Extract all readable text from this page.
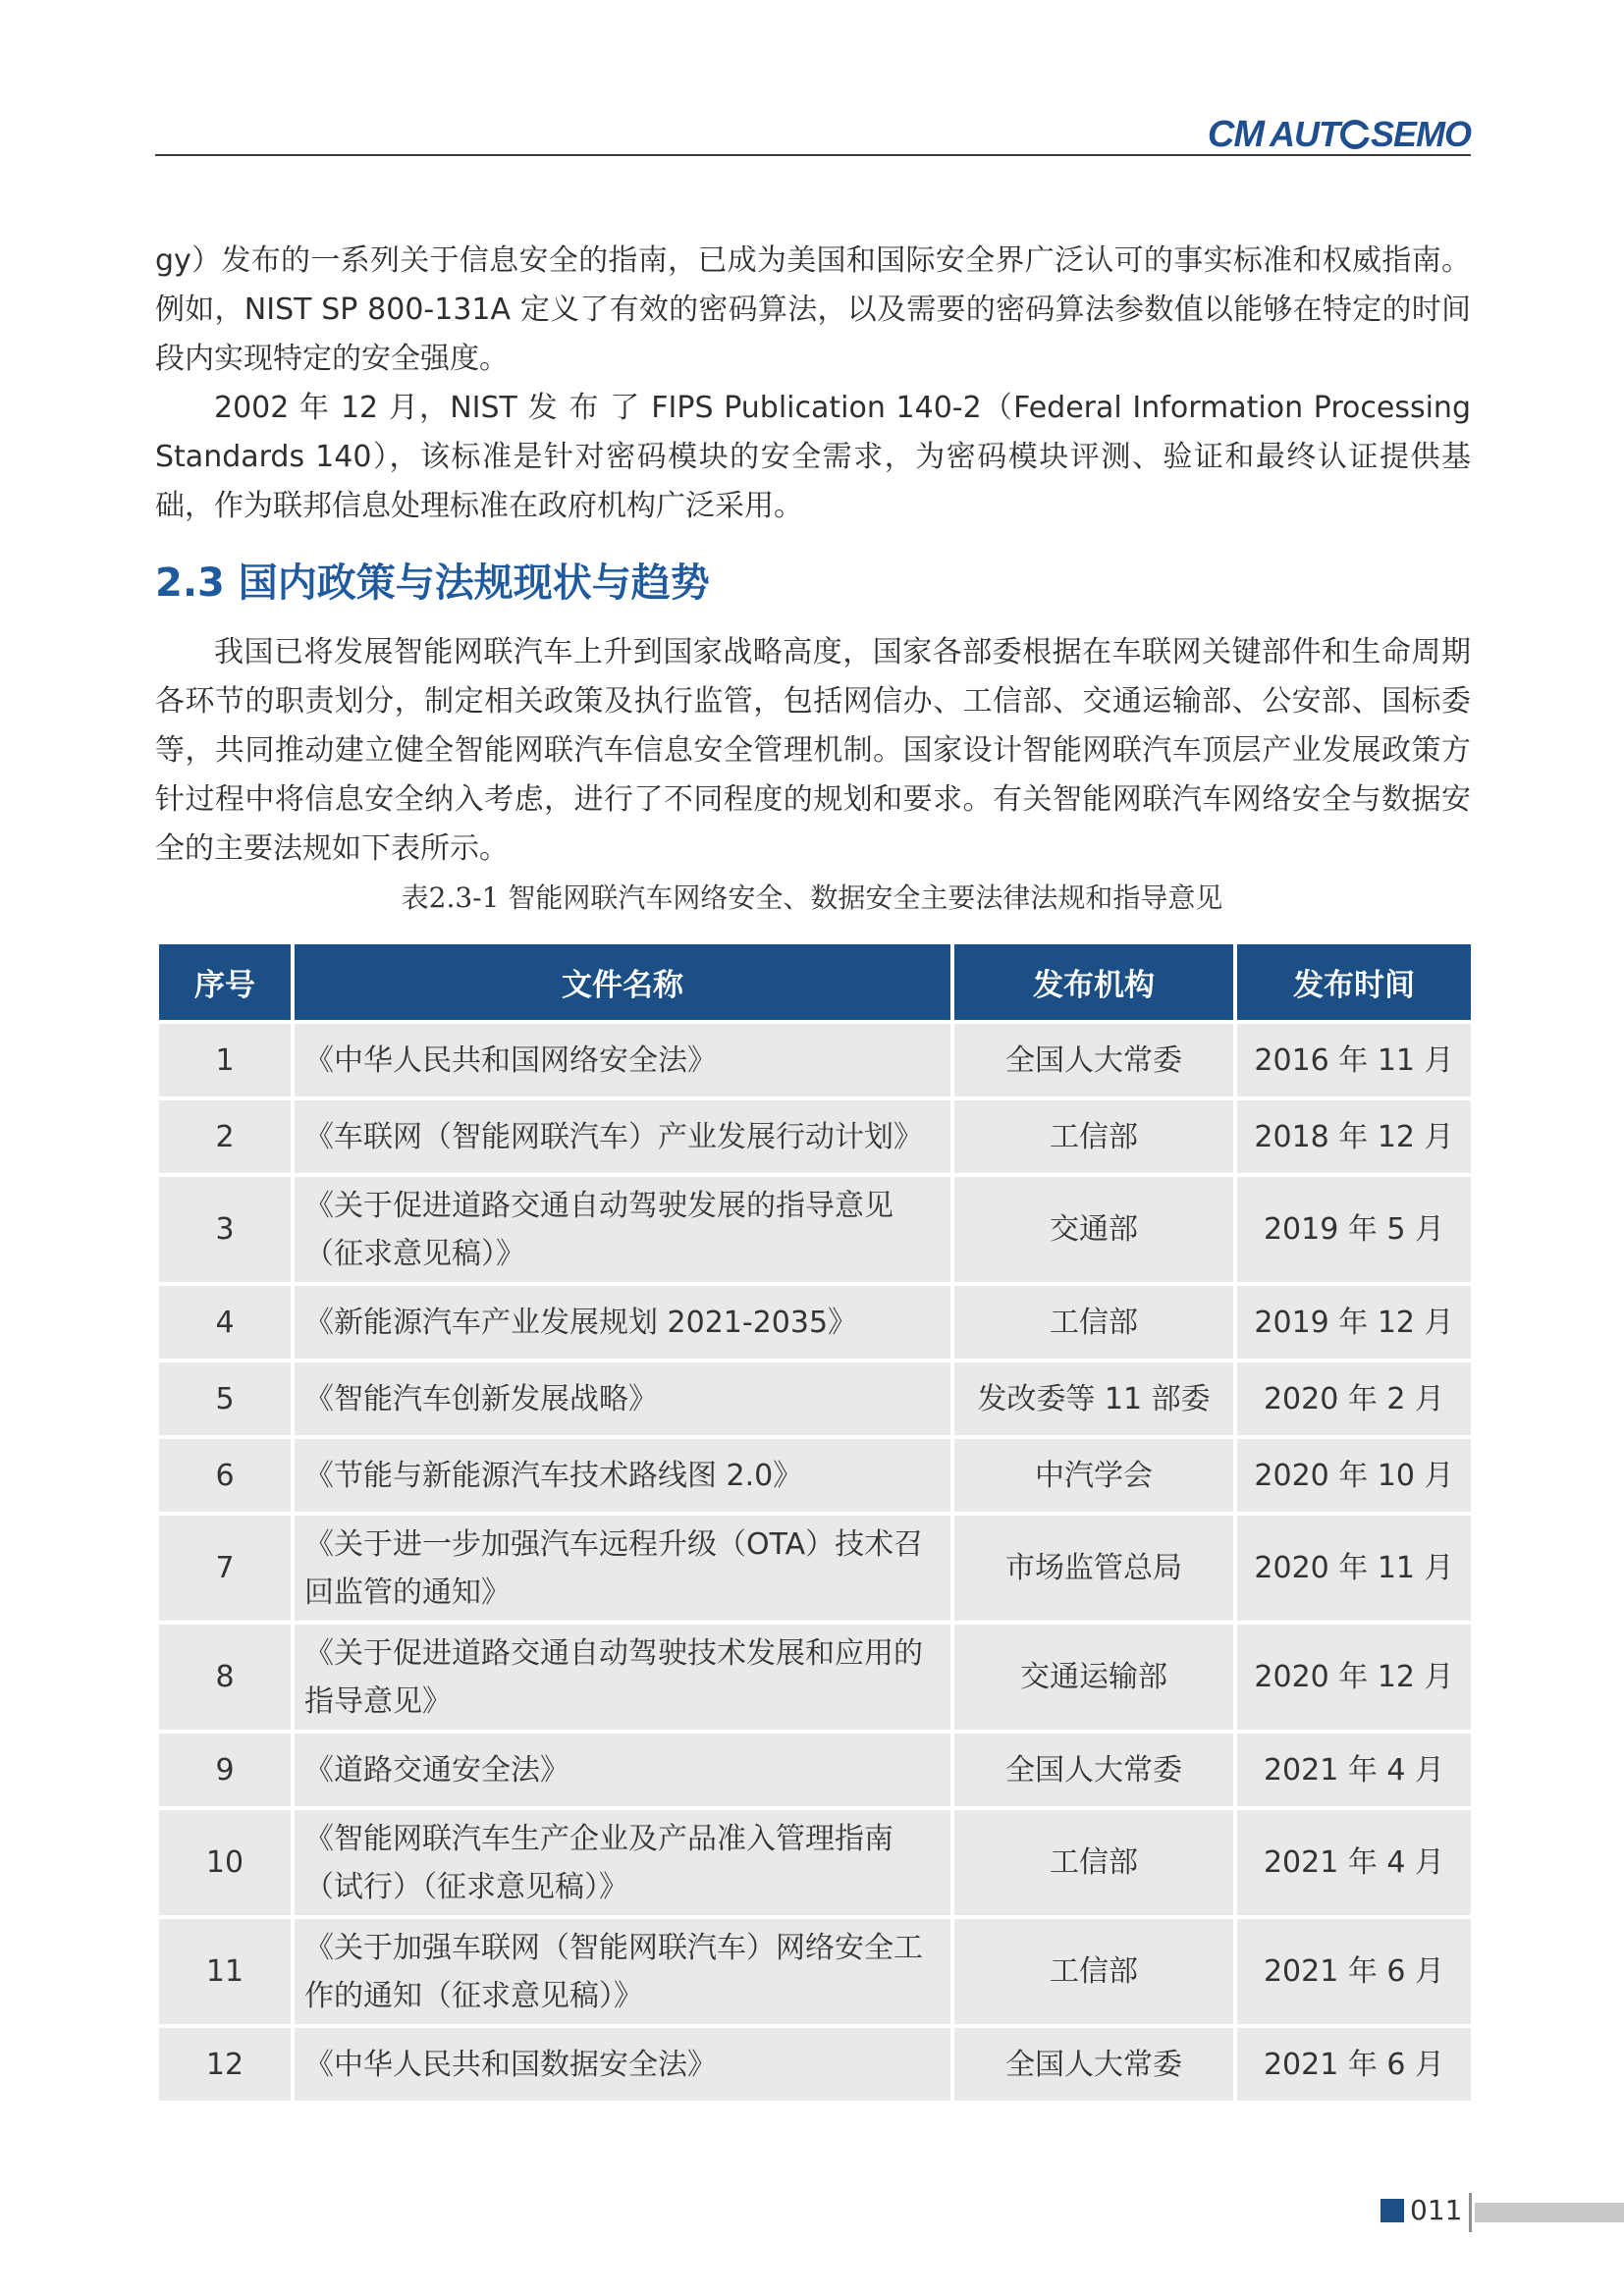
CM AUT SEMO
gy）发布的一系列关于信息安全的指南，已成为美国和国际安全界广泛认可的事实标准和权威指南。例如，NIST SP 800-131A 定义了有效的密码算法，以及需要的密码算法参数值以能够在特定的时间段内实现特定的安全强度。
2002 年 12 月，NIST 发 布 了 FIPS Publication 140-2（Federal Information Processing Standards 140），该标准是针对密码模块的安全需求，为密码模块评测、验证和最终认证提供基础，作为联邦信息处理标准在政府机构广泛采用。
2.3 国内政策与法规现状与趋势
我国已将发展智能网联汽车上升到国家战略高度，国家各部委根据在车联网关键部件和生命周期各环节的职责划分，制定相关政策及执行监管，包括网信办、工信部、交通运输部、公安部、国标委等，共同推动建立健全智能网联汽车信息安全管理机制。国家设计智能网联汽车顶层产业发展政策方针过程中将信息安全纳入考虑，进行了不同程度的规划和要求。有关智能网联汽车网络安全与数据安全的主要法规如下表所示。
表2.3-1 智能网联汽车网络安全、数据安全主要法律法规和指导意见
序号	文件名称	发布机构	发布时间
1	《中华人民共和国网络安全法》	全国人大常委	2016 年 11 月
2	《车联网（智能网联汽车）产业发展行动计划》	工信部	2018 年 12 月
3	《关于促进道路交通自动驾驶发展的指导意见（征求意见稿）》	交通部	2019 年 5 月
4	《新能源汽车产业发展规划 2021-2035》	工信部	2019 年 12 月
5	《智能汽车创新发展战略》	发改委等 11 部委	2020 年 2 月
6	《节能与新能源汽车技术路线图 2.0》	中汽学会	2020 年 10 月
7	《关于进一步加强汽车远程升级（OTA）技术召回监管的通知》	市场监管总局	2020 年 11 月
8	《关于促进道路交通自动驾驶技术发展和应用的指导意见》	交通运输部	2020 年 12 月
9	《道路交通安全法》	全国人大常委	2021 年 4 月
10	《智能网联汽车生产企业及产品准入管理指南（试行）（征求意见稿）》	工信部	2021 年 4 月
11	《关于加强车联网（智能网联汽车）网络安全工作的通知（征求意见稿）》	工信部	2021 年 6 月
12	《中华人民共和国数据安全法》	全国人大常委	2021 年 6 月
011
